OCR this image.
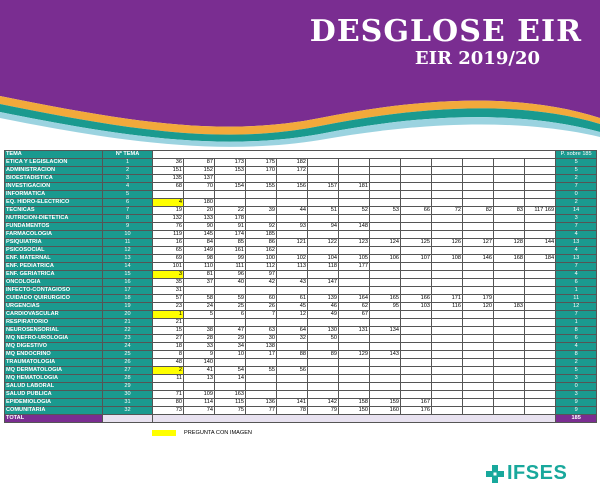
DESGLOSE EIR
EIR 2019/20
TEMA	Nº TEMA														P. sobre 185
ÉTICA Y LEGISLACIÓN	1	36	87	173	175	182									5
ADMINISTRACIÓN	2	151	152	153	170	172									5
BIOESTADÍSTICA	3	135	137												2
INVESTIGACIÓN	4	68	70	154	155	156	157	181							7
INFORMÁTICA	5														0
EQ. HIDRO-ELÉCTRICO	6	4	180												2
TÉCNICAS	7	19	20	22	39	44	51	52	53	66	72	82	83	117 169	14
NUTRICIÓN-DIETÉTICA	8	132	133	178											3
FUNDAMENTOS	9	76	90	91	92	93	94	148							7
FARMACOLOGÍA	10	119	145	174	185										4
PSIQUIATRÍA	11	16	84	85	86	121	122	123	124	125	126	127	128	144	13
PSICOSOCIAL	12	65	149	161	162										4
ENF. MATERNAL	13	69	98	99	100	102	104	105	106	107	108	146	168	184	13
ENF. PEDIÁTRICA	14	101	110	111	112	113	118	177							7
ENF. GERIÁTRICA	15	3	81	96	97										4
ONCOLOGÍA	16	35	37	40	42	43	147								6
INFECTO-CONTAGIOSO	17	31													1
CUIDADO QUIRÚRGICO	18	57	58	59	60	61	139	164	165	166	171	179			11
URGENCIAS	19	23	24	25	26	45	46	62	95	103	116	120	183		12
CARDIOVASCULAR	20	1	5	6	7	12	49	67							7
RESPIRATORIO	21	21													1
NEUROSENSORIAL	22	15	38	47	63	64	130	131	134						8
MQ NEFRO-UROLOGÍA	23	27	28	29	30	32	50								6
MQ DIGESTIVO	24	18	33	34	138										4
MQ ENDOCRINO	25	8	9	10	17	88	89	129	143						8
TRAUMATOLOGÍA	26	48	140												2
MQ DERMATOLOGÍA	27	2	41	54	55	56									5
MQ HEMATOLOGÍA	28	11	13	14											3
SALUD LABORAL	29														0
SALUD PÚBLICA	30	71	109	163											3
EPIDEMIOLOGÍA	31	80	114	115	136	141	142	158	159	167					9
COMUNITARIA	32	73	74	75	77	78	79	150	160	176					9
TOTAL															185
PREGUNTA CON IMAGEN
IFSES
